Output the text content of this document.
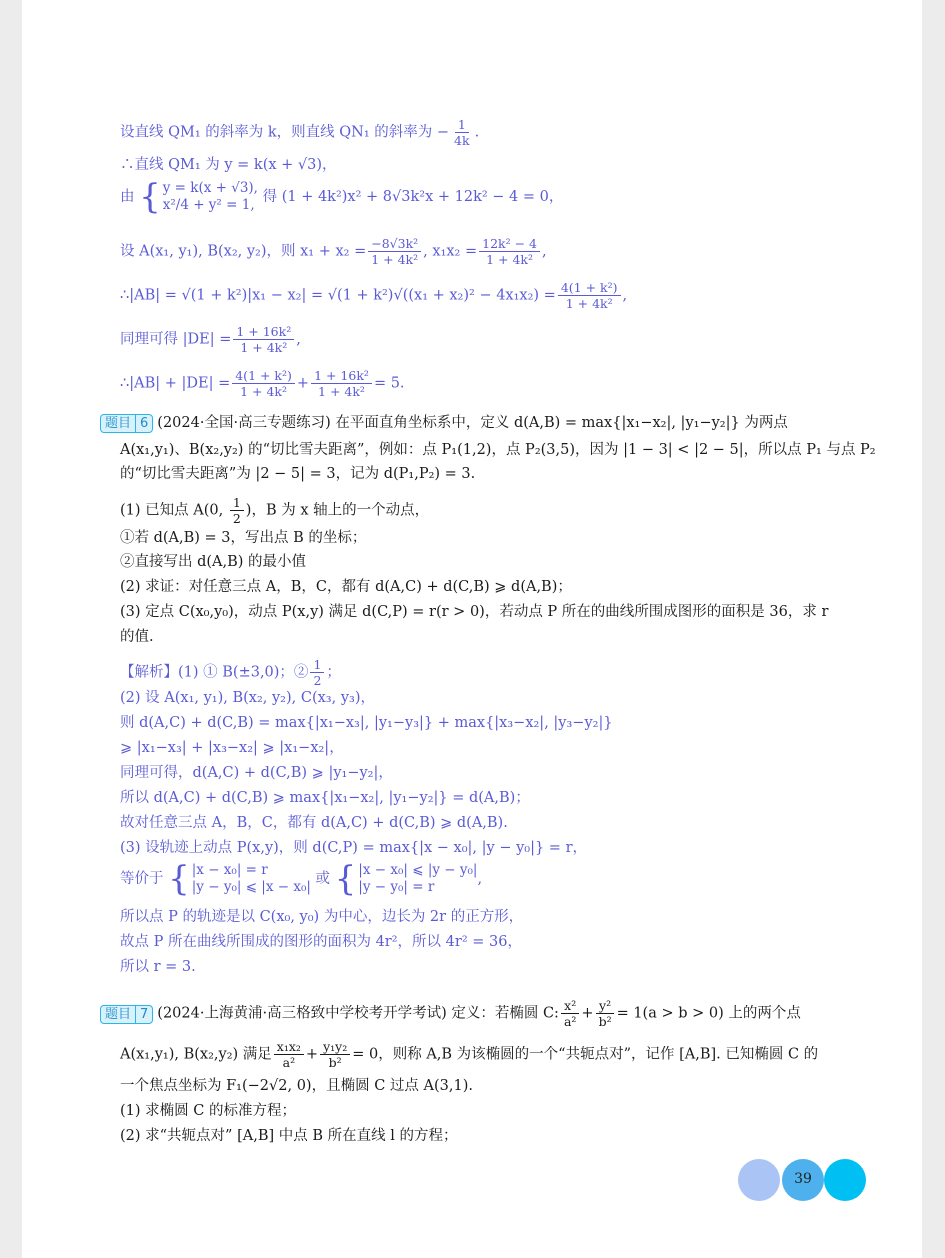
设直线 QM₁ 的斜率为 k，则直线 QN₁ 的斜率为 − $\frac{1}{4k}$ .
∴直线 QM₁ 为 y = k(x + √3)，
由 { y = k(x + √3),
x²/4 + y² = 1, 得 (1 + 4k²)x² + 8√3k²x + 12k² − 4 = 0，
设 A(x₁, y₁), B(x₂, y₂)，则 $x_1 + x_2 = \frac{\text{−8√3k²}}{\text{1 + 4k²}}$ , $x_1x_2 = \frac{\text{12k² − 4}}{\text{1 + 4k²}}$ ,
∴|AB| = $√(1 + k^2)|x_1 - x_2| = √(1 + k^2)√((x_1 + x_2)^2 - 4x_1x_2) = \frac{\text{4(1 + k²)}}{\text{1 + 4k²}}$ ,
同理可得 $|DE| = \frac{\text{1 + 16k²}}{\text{1 + 4k²}}$ ,
∴|AB| + $|DE| = \frac{\text{4(1 + k²)}}{\text{1 + 4k²}} + \frac{\text{1 + 16k²}}{\text{1 + 4k²}} = 5$.
题目 6 (2024·全国·高三专题练习) 在平面直角坐标系中，定义 d(A,B) = max{|x₁−x₂|, |y₁−y₂|} 为两点
A(x₁,y₁)、B(x₂,y₂) 的“切比雪夫距离”，例如：点 P₁(1,2)，点 P₂(3,5)，因为 |1 − 3| < |2 − 5|，所以点 P₁ 与点 P₂
的“切比雪夫距离”为 |2 − 5| = 3，记为 d(P₁,P₂) = 3.
(1) 已知点 A(0, $\frac{1}{2}$ )，B 为 x 轴上的一个动点，
①若 d(A,B) = 3，写出点 B 的坐标；
②直接写出 d(A,B) 的最小值
(2) 求证：对任意三点 A，B，C，都有 d(A,C) + d(C,B) ⩾ d(A,B)；
(3) 定点 C(x₀,y₀)，动点 P(x,y) 满足 d(C,P) = r(r > 0)，若动点 P 所在的曲线所围成图形的面积是 36，求 r
的值.
【解析】(1) ① B(±3,0)；② $\frac{1}{2}$ ；
(2) 设 A(x₁, y₁), B(x₂, y₂), C(x₃, y₃)，
则 d(A,C) + d(C,B) = max{|x₁−x₃|, |y₁−y₃|} + max{|x₃−x₂|, |y₃−y₂|}
⩾ |x₁−x₃| + |x₃−x₂| ⩾ |x₁−x₂|，
同理可得，d(A,C) + d(C,B) ⩾ |y₁−y₂|，
所以 d(A,C) + d(C,B) ⩾ max{|x₁−x₂|, |y₁−y₂|} = d(A,B)；
故对任意三点 A，B，C，都有 d(A,C) + d(C,B) ⩾ d(A,B).
(3) 设轨迹上动点 P(x,y)，则 d(C,P) = max{|x − x₀|, |y − y₀|} = r，
等价于 { |x − x₀| = r
|y − y₀| ⩽ |x − x₀| 或 { |x − x₀| ⩽ |y − y₀|
|y − y₀| = r	,
所以点 P 的轨迹是以 C(x₀, y₀) 为中心，边长为 2r 的正方形，
故点 P 所在曲线所围成的图形的面积为 4r²，所以 4r² = 36，
所以 r = 3.
题目 7 (2024·上海黄浦·高三格致中学校考开学考试) 定义：若椭圆 C: $\frac{\text{x²}}{\text{a²}} + \frac{\text{y²}}{\text{b²}} = 1(a > b > 0)$ 上的两个点
A(x₁,y₁), B(x₂,y₂) 满足 $\frac{\text{x₁x₂}}{\text{a²}} + \frac{\text{y₁y₂}}{\text{b²}} = 0$，则称 A,B 为该椭圆的一个“共轭点对”，记作 [A,B]. 已知椭圆 C 的
一个焦点坐标为 F₁(−2√2, 0)，且椭圆 C 过点 A(3,1).
(1) 求椭圆 C 的标准方程；
(2) 求“共轭点对” [A,B] 中点 B 所在直线 l 的方程；
39
